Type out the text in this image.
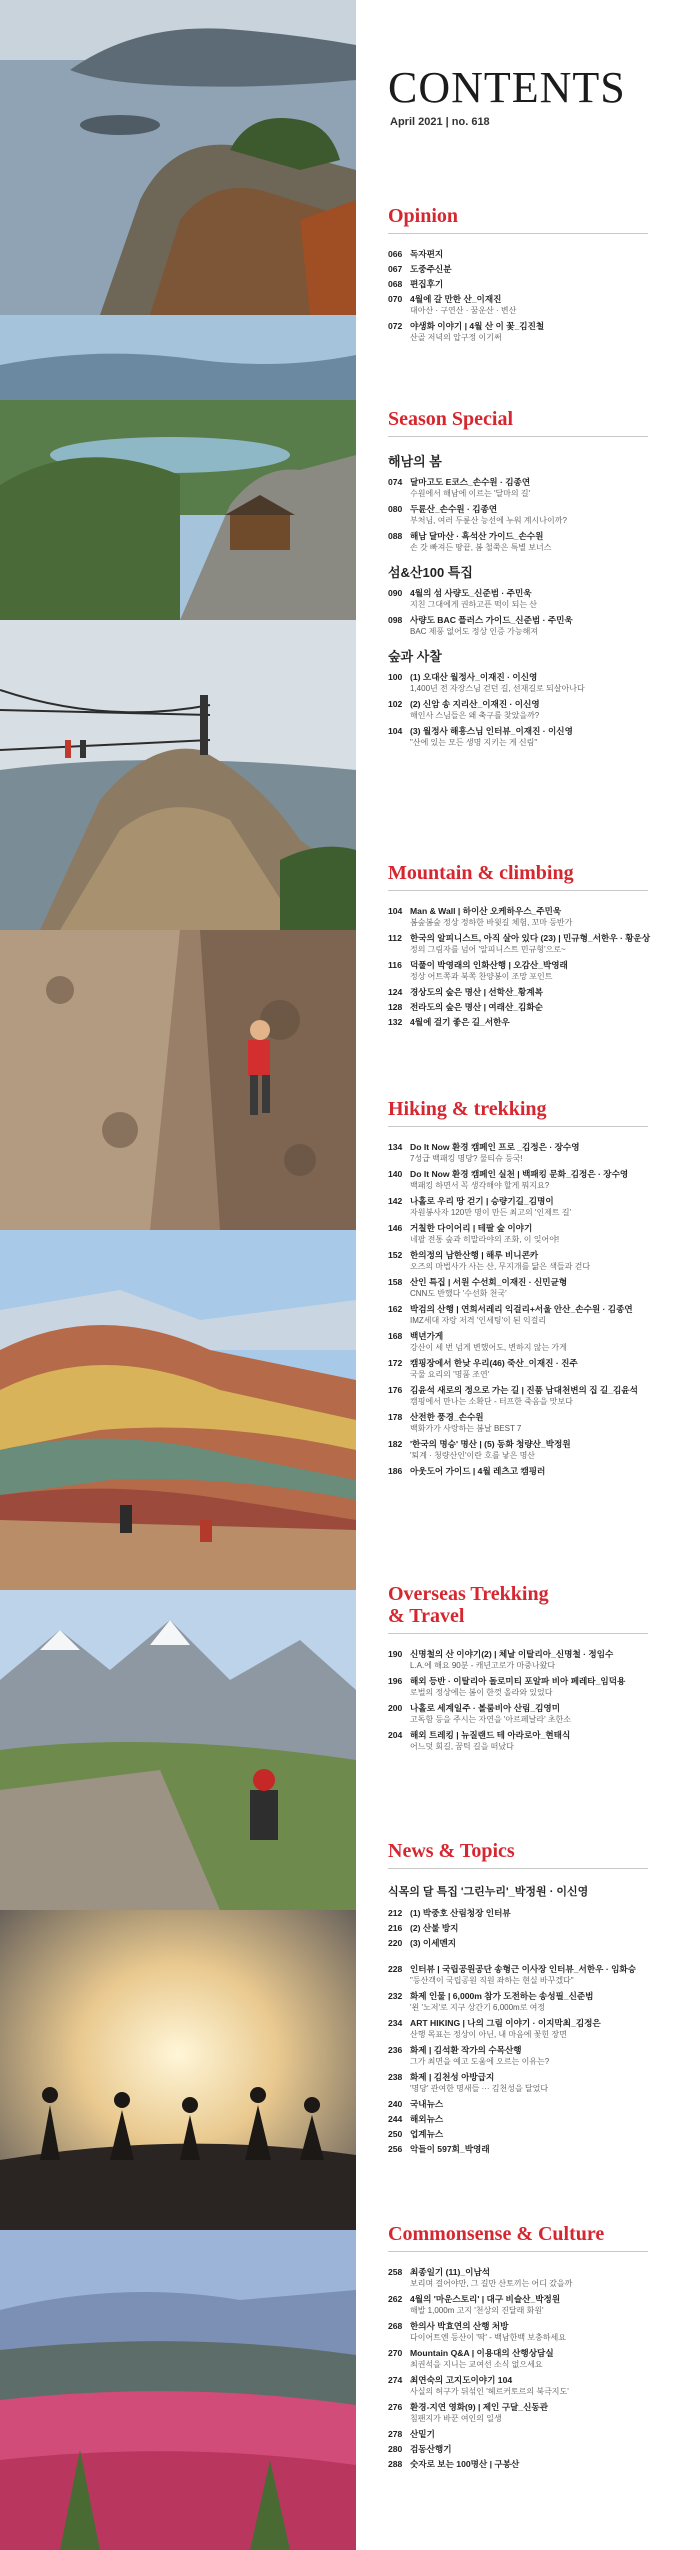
CONTENTS
April 2021 | no. 618
Opinion
066 독자편지
067 도중주신분
068 편집후기
070 4월에 갈 만한 산_이재진
대아산 · 구연산 · 꿈운산 · 변산
072 야생화 이야기 | 4월 산 이 꽃_김진철
산골 저녁의 압구정 이기써
Season Special
해남의 봄
074 달마고도 E코스_손수원 · 김종연
수원에서 해남에 이르는 '달마의 길'
080 두륜산_손수원 · 김종연
부처님, 여러 두륜산 능선에 누워 계시나이까?
088 해남 달마산 · 흑석산 가이드_손수원
손 갓 빠져든 땅끝, 봄 철쭉은 특별 보너스
섬&산100 특집
090 4월의 섬 사량도_신준범 · 주민욱
지친 그대에게 권하고픈 떡이 되는 산
098 사량도 BAC 플러스 가이드_신준범 · 주민욱
BAC 제풍 없어도 정상 인증 가능해져
숲과 사찰
100 (1) 오대산 월정사_이재진 · 이신영
1,400년 전 자장스님 걷던 길, 선재길로 되살아나다
102 (2) 신암 송 지리산_이재진 · 이신영
해인사 스님들은 왜 축구를 찾았을까?
104 (3) 월정사 해흥스님 인터뷰_이재진 · 이신영
"산에 있는 모든 생명 지키는 게 신림"
Mountain & climbing
104 Man & Wall | 하이산 오케하우스_주민욱
봄숲봄숲 정상 정하한 바윗길 체험, 꼬마 등반가
112 한국의 알피니스트, 아직 살아 있다 (23) | 민규형_서한우 · 황운상
정의 그림자를 넘어 '알피니스트 민규형'으로~
116 덕풀이 박영래의 인화산행 | 오감산_박영래
정상 어트쪽과 북쪽 찬양봉이 조망 포인트
124 경상도의 숲은 명산 | 선학산_황계복
128 전라도의 숲은 명산 | 여래산_김화순
132 4월에 걸기 좋은 길_서한우
Hiking & trekking
134 Do It Now 환경 캠페인 프로 _김정은 · 장수영
7성급 백패킹 명당? 물티슈 등국!
140 Do It Now 환경 캠페인 실천 | 백패킹 문화_김정은 · 장수영
백패킹 하면서 꼭 생각해야 할게 뭐지요?
142 나홀로 우리 땅 걷기 | 승량기길_김명이
자원봉사자 120만 명이 만든 최고의 '인제트 길'
146 거칠한 다이어리 | 테팔 숲 이야기
네팔 전통 숲과 히말라야의 조화, 이 잊어야!
152 한의정의 남한산행 | 해루 비니콘카
오즈의 마법사가 사는 산, 무지개를 닮은 색들과 걷다
158 산인 특집 | 서원 수선회_이재진 · 신민균형
CNN도 반했다 '수선화 천국'
162 박검의 산행 | 연희서레리 익걸리+서울 안산_손수원 · 김종연
IMZ세대 자랑 저격 '인세팅'이 된 익걸리
168 백년가게
강산이 세 번 넘게 변했어도, 변하지 않는 가게
172 캠핑장에서 한낮 우리(46) 죽산_이재진 · 진주
국물 요리의 '명품 조연'
176 김윤석 새로의 정으로 가는 길 | 진품 남대천변의 집 길_김윤석
캠핑에서 만나는 소확단 - 터프한 죽음을 맛보다
178 산전한 풍경_손수원
백화가가 사랑하는 봄날 BEST 7
182 '한국의 명승' 명산 | (5) 동화 청량산_박정원
'퇴계 · 청량산인'이란 호를 낳은 명산
186 아웃도어 가이드 | 4월 레츠고 캠핑러
Overseas Trekking
& Travel
190 신명철의 산 이야기(2) | 체날 이탈리아_신명철 · 정임수
L.A.에 해요 90분 - 캐년고로가 마중나왔다
196 해외 등반 · 이탈리아 돌로미티 포알파 비아 페레타_임덕용
로벌의 정상에는 봄이 한껏 올라와 있었다
200 나홀로 세계일주 · 볼룸비아 산림_김영미
고독함 등을 주시는 자연을 '아르페날라' 초한소
204 해외 트레킹 | 뉴질랜드 테 아라로아_현태식
어느덧 회길, 꿈틱 길을 떠났다
News & Topics
식목의 달 특집 '그린누리'_박정원 · 이신영
212 (1) 박중호 산림청장 인터뷰
216 (2) 산불 방지
220 (3) 이세멘지
228 인터뷰 | 국립공원공단 송형근 이사장 인터뷰_서한우 · 임화승
"등산객이 국립공원 직원 좌하는 현실 바꾸겠다"
232 화제 인물 | 6,000m 참가 도전하는 송성필_신준범
'왼 '노저'로 지구 상간기 6,000m로 여정
234 ART HIKING | 나의 그림 이야기 · 이지막최_김정은
산행 목표는 정상이 아닌, 내 마음에 꽃힌 장면
236 화제 | 김석환 작가의 수목산행
그가 최면을 예고 도움에 오르는 이유는?
238 화제 | 김천성 아방급지
'명당' 관여한 명새들 ··· 김천성을 달었다
240 국내뉴스
244 해외뉴스
250 업계뉴스
256 악들이 597회_박영래
Commonsense & Culture
258 최종일기 (11)_이남석
보리며 걸어야만, 그 길만 산토끼는 어디 갔을까
262 4월의 '마운스토리' | 대구 비슬산_박정원
해발 1,000m 고지 '천상의 진달래 화원'
268 한의사 박효연의 산행 처방
다이어트엔 등산이 '딱' - 백남한백 보충하세요
270 Mountain Q&A | 이용대의 산행상담실
최권석을 지니는 교여선 소식 없으세요
274 최연숙의 고지도이야기 104
사실의 허구가 뒤섞인 '헤르커토르의 북극지도'
276 환경-지연 영화(9) | 제인 구달_신동관
침팬지가 바꾼 여인의 일생
278 산밑기
280 검동산행기
288 숫자로 보는 100명산 | 구봉산
